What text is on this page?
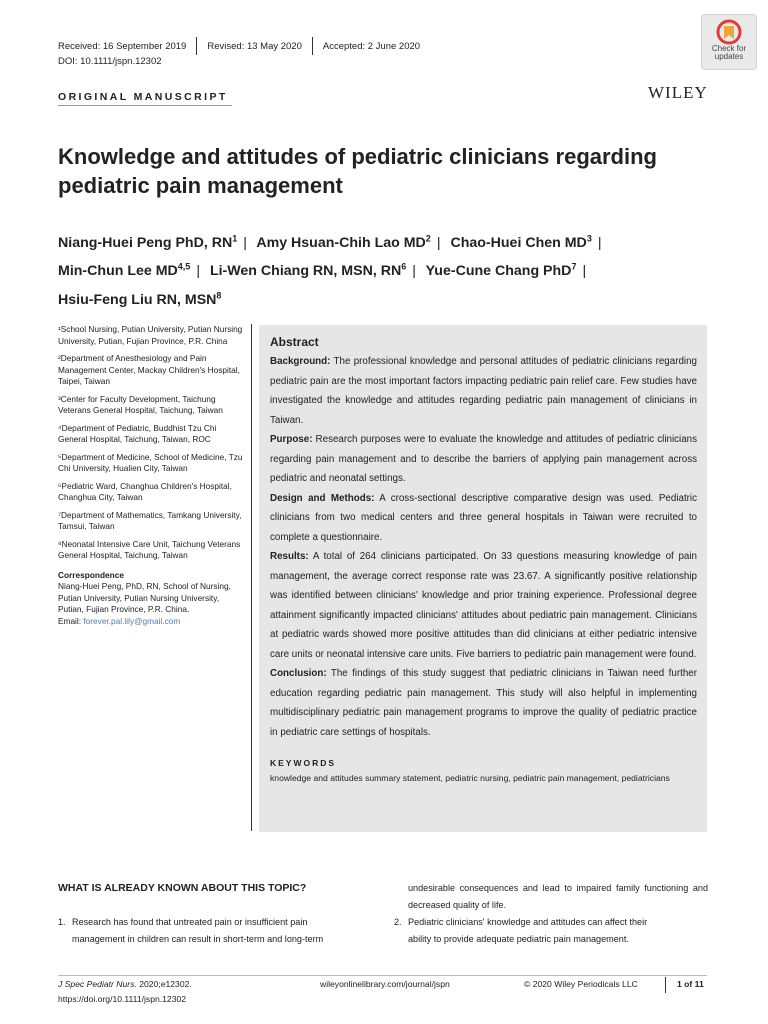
Received: 16 September 2019	Revised: 13 May 2020	Accepted: 2 June 2020
DOI: 10.1111/jspn.12302
Check for
updates
ORIGINAL MANUSCRIPT	WILEY
Knowledge and attitudes of pediatric clinicians regarding pediatric pain management
Niang-Huei Peng PhD, $RN^1$ | Amy Hsuan-Chih Lao $MD^2$ | Chao-Huei Chen $MD^3$ |
Min-Chun Lee MD$^{4,5}$ | Li-Wen Chiang RN, MSN, $RN^6$ | Yue-Cune Chang PhD$^7$ |
Hsiu-Feng Liu RN, MSN$^8$

¹School Nursing, Putian University, Putian Nursing University, Putian, Fujian Province, P.R. China

²Department of Anesthesiology and Pain Management Center, Mackay Children's Hospital, Taipei, Taiwan

³Center for Faculty Development, Taichung Veterans General Hospital, Taichung, Taiwan

⁴Department of Pediatric, Buddhist Tzu Chi General Hospital, Taichung, Taiwan, ROC

⁵Department of Medicine, School of Medicine, Tzu Chi University, Hualien City, Taiwan

⁶Pediatric Ward, Changhua Children's Hospital, Changhua City, Taiwan

⁷Department of Mathematics, Tamkang University, Tamsui, Taiwan

⁸Neonatal Intensive Care Unit, Taichung Veterans General Hospital, Taichung, Taiwan

Correspondence
Niang-Huei Peng, PhD, RN, School of Nursing, Putian University, Putian Nursing University, Putian, Fujian Province, P.R. China.
Email: forever.pal.lily@gmail.com
Abstract

Background: The professional knowledge and personal attitudes of pediatric clinicians regarding pediatric pain are the most important factors impacting pediatric pain relief care. Few studies have investigated the knowledge and attitudes regarding pediatric pain management of clinicians in Taiwan.

Purpose: Research purposes were to evaluate the knowledge and attitudes of pediatric clinicians regarding pain management and to describe the barriers of applying pain management across pediatric and neonatal settings.

Design and Methods: A cross-sectional descriptive comparative design was used. Pediatric clinicians from two medical centers and three general hospitals in Taiwan were recruited to complete a questionnaire.

Results: A total of 264 clinicians participated. On 33 questions measuring knowledge of pain management, the average correct response rate was 23.67. A significantly positive relationship was identified between clinicians' knowledge and prior training experience. Professional degree attainment significantly impacted clinicians' attitudes about pediatric pain management. Clinicians at pediatric wards showed more positive attitudes than did clinicians at either pediatric intensive care units or neonatal intensive care units. Five barriers to pediatric pain management were found.

Conclusion: The findings of this study suggest that pediatric clinicians in Taiwan need further education regarding pediatric pain management. This study will also helpful in implementing multidisciplinary pediatric pain management programs to improve the quality of pediatric practice in pediatric care settings of hospitals.

KEYWORDS
knowledge and attitudes summary statement, pediatric nursing, pediatric pain management, pediatricians
WHAT IS ALREADY KNOWN ABOUT THIS TOPIC?
1. Research has found that untreated pain or insufficient pain
management in children can result in short-term and long-term
undesirable consequences and lead to impaired family functioning and decreased quality of life.
2. Pediatric clinicians' knowledge and attitudes can affect their
ability to provide adequate pediatric pain management.
J Spec Pediatr Nurs. 2020;e12302.
https://doi.org/10.1111/jspn.12302
wileyonlinelibrary.com/journal/jspn	© 2020 Wiley Periodicals LLC	1 of 11
